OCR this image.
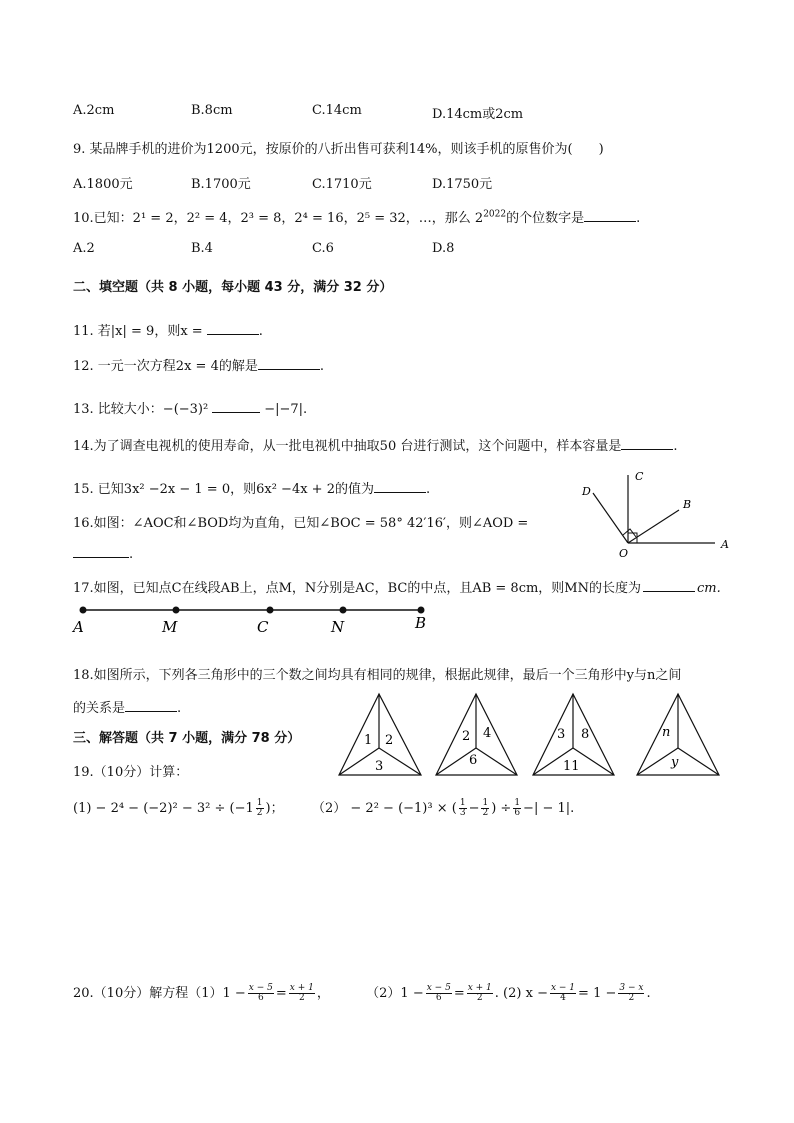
A.2cm	B.8cm	C.14cm	D.14cm或2cm
9. 某品牌手机的进价为1200元，按原价的八折出售可获利14%，则该手机的原售价为(　　)
A.1800元	B.1700元	C.1710元	D.1750元
10.已知：2¹ = 2，2² = 4，2³ = 8，2⁴ = 16，2⁵ = 32，…，那么 $2^{2022}$的个位数字是	.
A.2	B.4	C.6	D.8
二、填空题（共 8 小题，每小题 43 分，满分 32 分）
11. 若|x| = 9，则x =	.
12. 一元一次方程2x = 4的解是	.
13. 比较大小：−(−3)²	−|−7|.
14.为了调查电视机的使用寿命，从一批电视机中抽取50 台进行测试，这个问题中，样本容量是	.
15. 已知3x² −2x − 1 = 0，则6x² −4x + 2的值为	.
16.如图：∠AOC和∠BOD均为直角，已知∠BOC = 58° 42′16′，则∠AOD =
.
C
D
B
O
A
17.如图，已知点C在线段AB上，点M，N分别是AC，BC的中点，且AB = 8cm，则MN的长度为	cm.
A	M	C	N	B
18.如图所示，下列各三角形中的三个数之间均具有相同的规律，根据此规律，最后一个三角形中y与n之间
的关系是	.
1 2
3
2 4
6
3 8
11
n
y
三、解答题（共 7 小题，满分 78 分）
19.（10分）计算：
$(1) - 2^4 - (-2)^2 - 3^2 \div (-1 \frac{1}{2}$ )； （2） − 2² − (−1)³ × ( $\frac{1}{3} - \frac{1}{2}$ ) ÷ $\frac{1}{6}$ −| − 1|.
20.（10分）解方程$(1)1 - \frac{x - 5}{6} = \frac{x + 1}{2}$ ，	$(2)1 - \frac{x - 5}{6} = \frac{x + 1}{2}$ . (2) $x - \frac{x - 1}{4} = 1 - \frac{3 - x}{2}$ .
